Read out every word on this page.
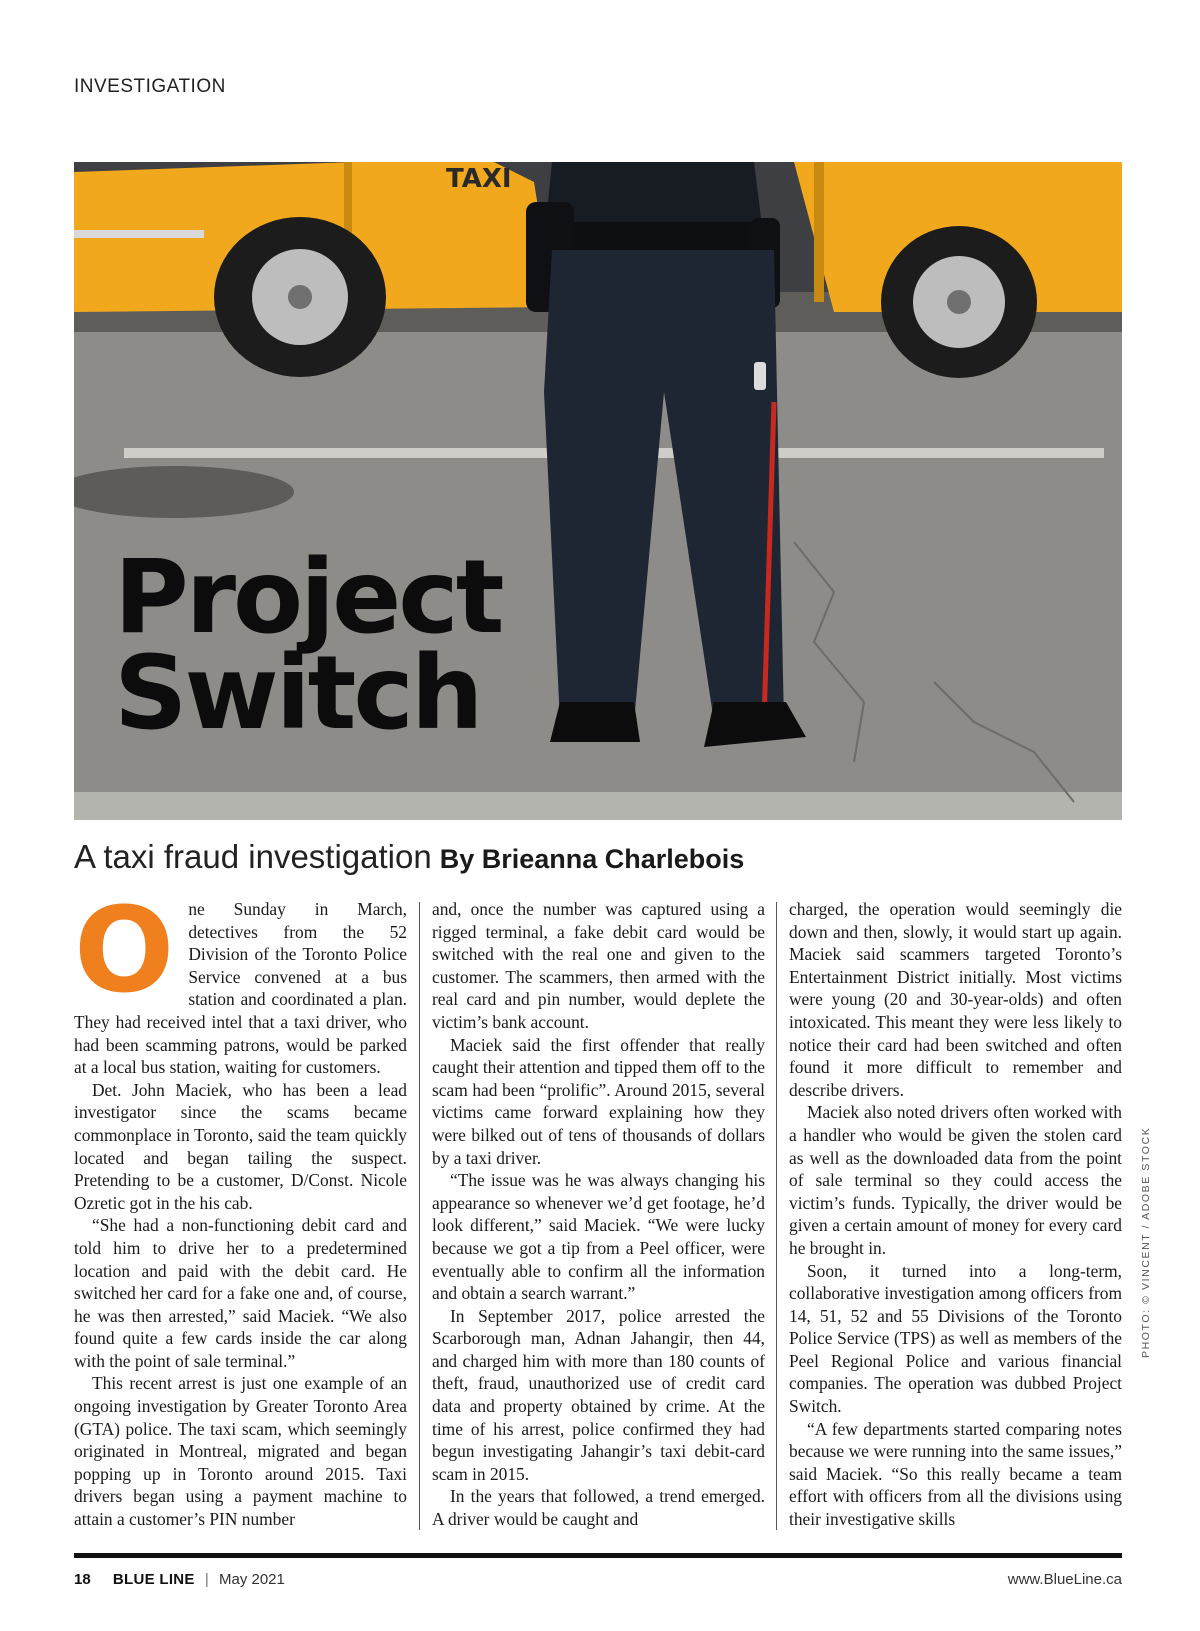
INVESTIGATION
TAXI
Project
Switch
A taxi fraud investigation By Brieanna Charlebois

One Sunday in March, detectives from the 52 Division of the Toronto Police Service convened at a bus station and coordinated a plan. They had received intel that a taxi driver, who had been scamming patrons, would be parked at a local bus station, waiting for customers.

Det. John Maciek, who has been a lead investigator since the scams became commonplace in Toronto, said the team quickly located and began tailing the suspect. Pretending to be a customer, D/Const. Nicole Ozretic got in the his cab.

“She had a non-functioning debit card and told him to drive her to a predetermined location and paid with the debit card. He switched her card for a fake one and, of course, he was then arrested,” said Maciek. “We also found quite a few cards inside the car along with the point of sale terminal.”

This recent arrest is just one example of an ongoing investigation by Greater Toronto Area (GTA) police. The taxi scam, which seemingly originated in Montreal, migrated and began popping up in Toronto around 2015. Taxi drivers began using a payment machine to attain a customer’s PIN number

and, once the number was captured using a rigged terminal, a fake debit card would be switched with the real one and given to the customer. The scammers, then armed with the real card and pin number, would deplete the victim’s bank account.

Maciek said the first offender that really caught their attention and tipped them off to the scam had been “prolific”. Around 2015, several victims came forward explaining how they were bilked out of tens of thousands of dollars by a taxi driver.

“The issue was he was always changing his appearance so whenever we’d get footage, he’d look different,” said Maciek. “We were lucky because we got a tip from a Peel officer, were eventually able to confirm all the information and obtain a search warrant.”

In September 2017, police arrested the Scarborough man, Adnan Jahangir, then 44, and charged him with more than 180 counts of theft, fraud, unauthorized use of credit card data and property obtained by crime. At the time of his arrest, police confirmed they had begun investigating Jahangir’s taxi debit-card scam in 2015.

In the years that followed, a trend emerged. A driver would be caught and

charged, the operation would seemingly die down and then, slowly, it would start up again. Maciek said scammers targeted Toronto’s Entertainment District initially. Most victims were young (20 and 30-year-olds) and often intoxicated. This meant they were less likely to notice their card had been switched and often found it more difficult to remember and describe drivers.

Maciek also noted drivers often worked with a handler who would be given the stolen card as well as the downloaded data from the point of sale terminal so they could access the victim’s funds. Typically, the driver would be given a certain amount of money for every card he brought in.

Soon, it turned into a long-term, collaborative investigation among officers from 14, 51, 52 and 55 Divisions of the Toronto Police Service (TPS) as well as members of the Peel Regional Police and various financial companies. The operation was dubbed Project Switch.

“A few departments started comparing notes because we were running into the same issues,” said Maciek. “So this really became a team effort with officers from all the divisions using their investigative skills

PHOTO: © VINCENT / ADOBE STOCK
18 BLUE LINE | May 2021	www.BlueLine.ca
